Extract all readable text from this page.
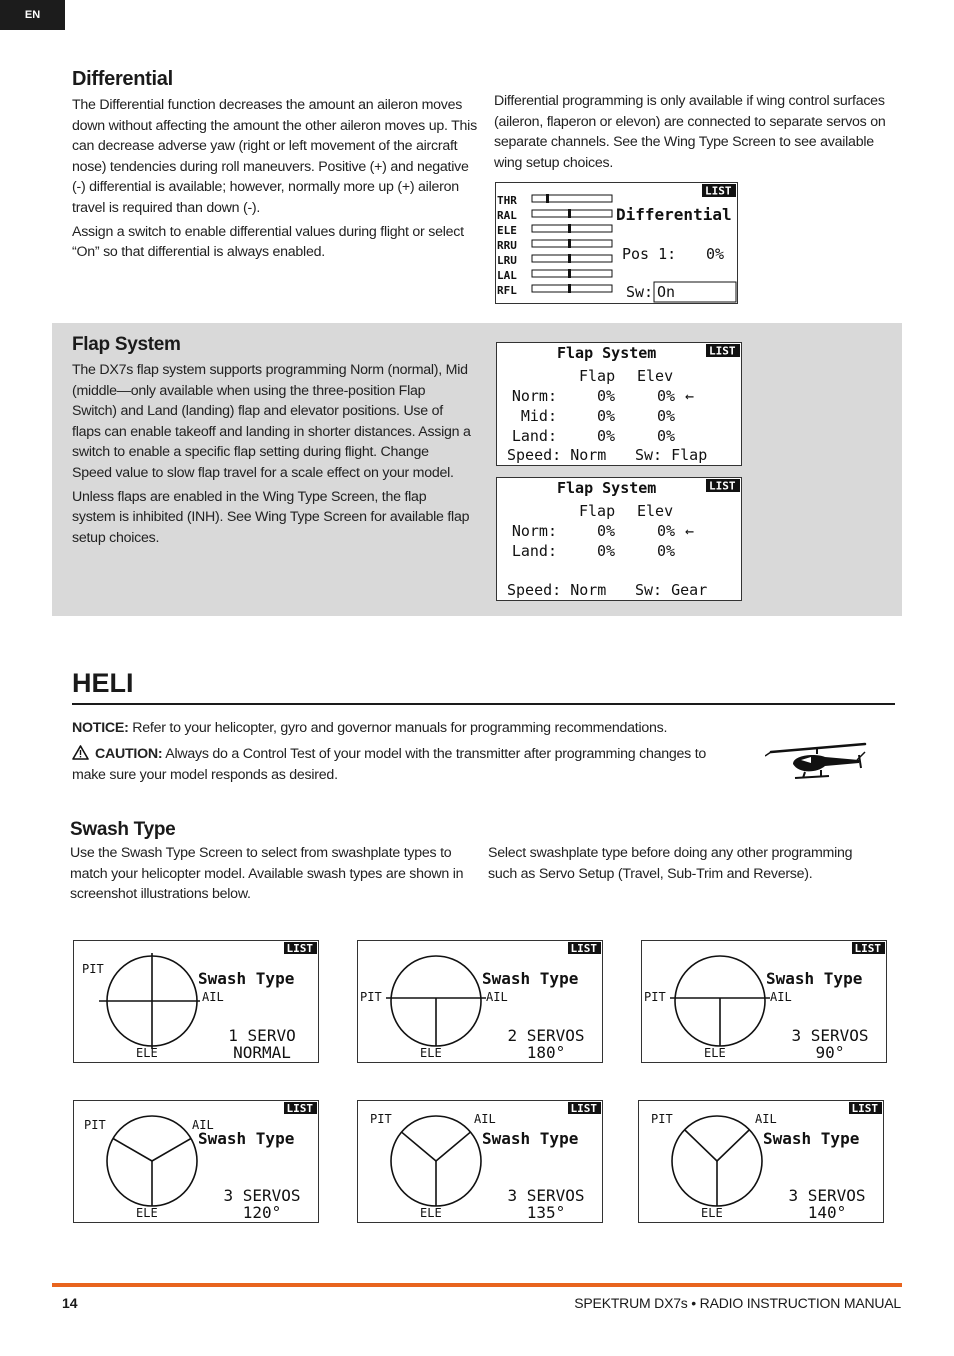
EN
Differential

The Differential function decreases the amount an aileron moves down without affecting the amount the other aileron moves up. This can decrease adverse yaw (right or left movement of the aircraft nose) tendencies during roll maneuvers. Positive (+) and negative (-) differential is available; however, normally more up (+) aileron travel is required than down (-).

Assign a switch to enable differential values during flight or select “On” so that differential is always enabled.

Differential programming is only available if wing control surfaces (aileron, flaperon or elevon) are connected to separate servos on separate channels. See the Wing Type Screen to see available wing setup choices.

LIST
THR
RAL
ELE
RRU
LRU
LAL
RFL
Differential
Pos 1: 0%
Sw: On
Flap System

The DX7s flap system supports programming Norm (normal), Mid (middle—only available when using the three-position Flap Switch) and Land (landing) flap and elevator positions. Use of flaps can enable takeoff and landing in shorter distances. Assign a switch to enable a specific flap setting during flight. Change Speed value to slow flap travel for a scale effect on your model.

Unless flaps are enabled in the Wing Type Screen, the flap system is inhibited (INH). See Wing Type Screen for available flap setup choices.

LIST
Flap System
Flap Elev
Norm:	0%	0% ←
Mid:	0%	0%
Land:	0%	0%
Speed: Norm Sw: Flap
LIST
Flap System
Flap Elev
Norm:	0%	0% ←
Land:	0%	0%
Speed: Norm Sw: Gear
HELI

NOTICE: Refer to your helicopter, gyro and governor manuals for programming recommendations.

CAUTION: Always do a Control Test of your model with the transmitter after programming changes to make sure your model responds as desired.

Swash Type

Use the Swash Type Screen to select from swashplate types to match your helicopter model. Available swash types are shown in screenshot illustrations below.

Select swashplate type before doing any other programming such as Servo Setup (Travel, Sub-Trim and Reverse).

LIST
PIT
AIL
ELE
Swash Type
1 SERVO
NORMAL
LIST
PIT	AIL
ELE
Swash Type
2 SERVOS
180°
LIST
PIT	AIL
ELE
Swash Type
3 SERVOS
90°
LIST
PIT	AIL
ELE
Swash Type
3 SERVOS
120°
LIST
PIT	AIL
ELE
Swash Type
3 SERVOS
135°
LIST
PIT	AIL
ELE
Swash Type
3 SERVOS
140°
14	SPEKTRUM DX7s • RADIO INSTRUCTION MANUAL
